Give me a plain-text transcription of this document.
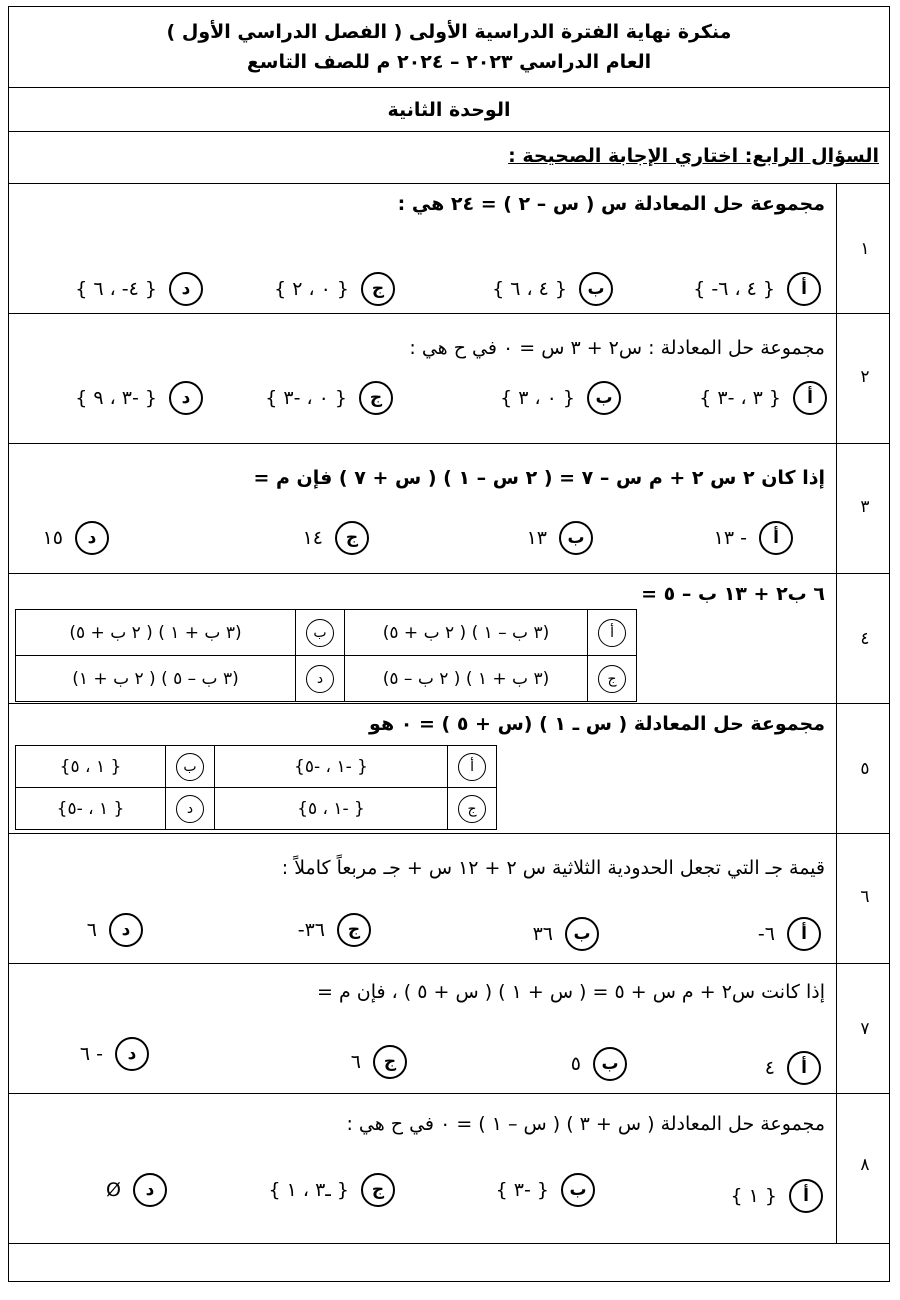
منكرة نهاية الفترة الدراسية الأولى ( الفصل الدراسي الأول )
العام الدراسي ٢٠٢٣ – ٢٠٢٤ م للصف التاسع
الوحدة الثانية
السؤال الرابع: اختاري الإجابة الصحيحة :
١
مجموعة حل المعادلة س ( س – ٢ ) = ٢٤ هي :
أ
{ ٤ ، ٦- }
ب
{ ٤ ، ٦ }
ج
{ ٠ ، ٢ }
د
{ ٤- ، ٦ }
٢
مجموعة حل المعادلة : س٢ + ٣ س = ٠ في ح هي :
أ
{ ٣ ، -٣ }
ب
{ ٠ ، ٣ }
ج
{ ٠ ، -٣ }
د
{ -٣ ، ٩ }
٣
إذا كان ٢ س ٢ + م س – ٧ = ( ٢ س – ١ ) ( س + ٧ ) فإن م =
أ
- ١٣
ب
١٣
ج
١٤
د
١٥
٤
٦ ب٢ + ١٣ ب – ٥ =
أ	(٣ ب – ١ ) ( ٢ ب + ٥)	ب	(٣ ب + ١ ) ( ٢ ب + ٥)
ج	(٣ ب + ١ ) ( ٢ ب – ٥)	د	(٣ ب – ٥ ) ( ٢ ب + ١)
٥
مجموعة حل المعادلة ( س ـ ١ ) (س + ٥ ) = ٠ هو
أ	{ -١ ، -٥}	ب	{ ١ ، ٥}
ج	{ -١ ، ٥}	د	{ ١ ، -٥}
٦
قيمة جـ التي تجعل الحدودية الثلاثية س ٢ + ١٢ س + جـ مربعاً كاملاً :
أ
٦-
ب
٣٦
ج
٣٦-
د
٦
٧
إذا كانت س٢ + م س + ٥ = ( س + ١ ) ( س + ٥ ) ، فإن م =
أ
٤
ب
٥
ج
٦
د
- ٦
٨
مجموعة حل المعادلة ( س + ٣ ) ( س – ١ ) = ٠ في ح هي :
أ
{ ١ }
ب
{ -٣ }
ج
{ ـ٣ ، ١ }
د
Ø
